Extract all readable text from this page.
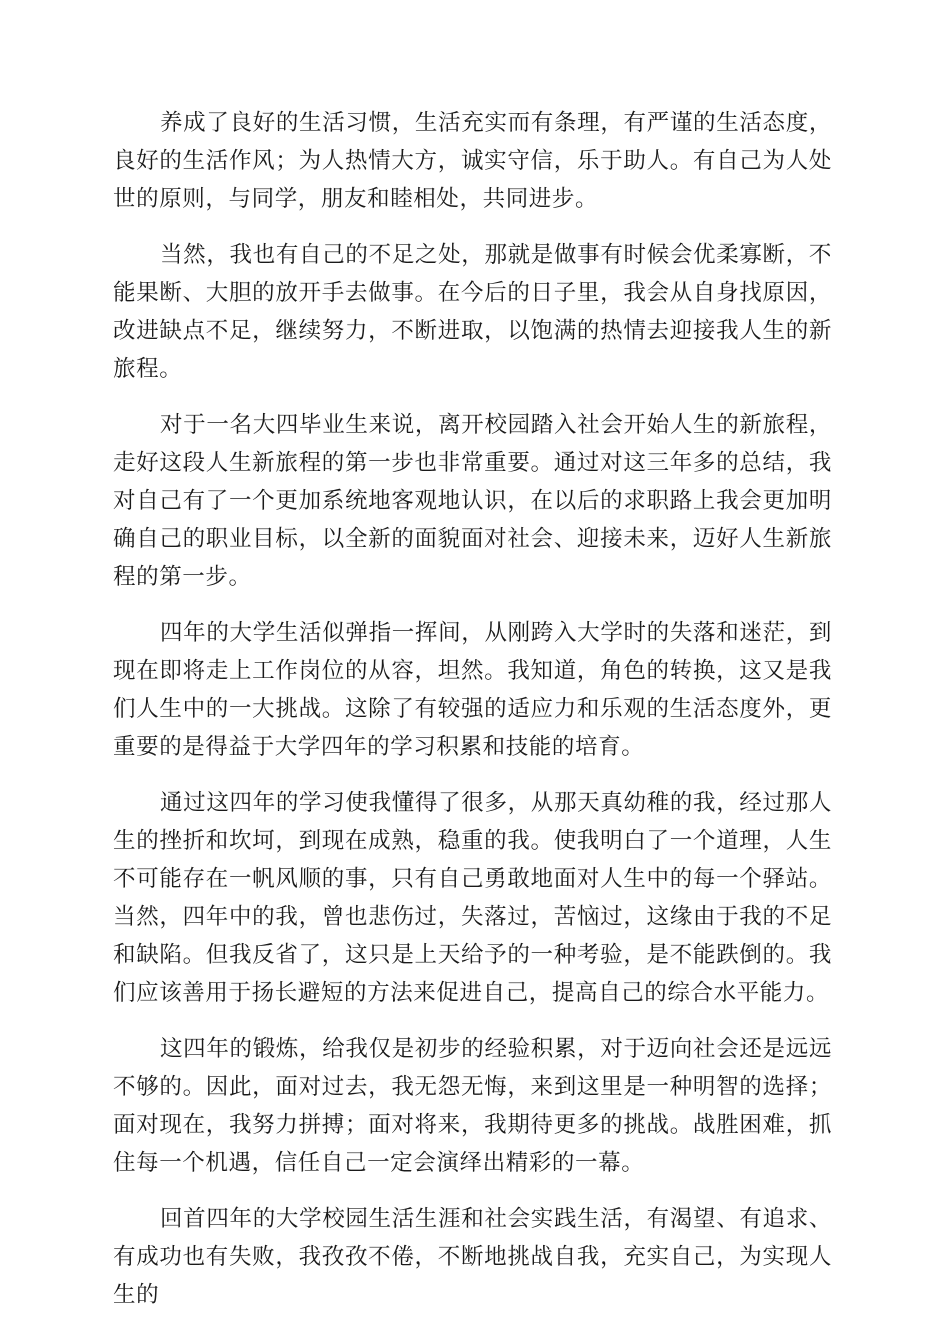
养成了良好的生活习惯，生活充实而有条理，有严谨的生活态度，良好的生活作风；为人热情大方，诚实守信，乐于助人。有自己为人处世的原则，与同学，朋友和睦相处，共同进步。

当然，我也有自己的不足之处，那就是做事有时候会优柔寡断，不能果断、大胆的放开手去做事。在今后的日子里，我会从自身找原因，改进缺点不足，继续努力，不断进取，以饱满的热情去迎接我人生的新旅程。

对于一名大四毕业生来说，离开校园踏入社会开始人生的新旅程，走好这段人生新旅程的第一步也非常重要。通过对这三年多的总结，我对自己有了一个更加系统地客观地认识，在以后的求职路上我会更加明确自己的职业目标，以全新的面貌面对社会、迎接未来，迈好人生新旅程的第一步。

四年的大学生活似弹指一挥间，从刚跨入大学时的失落和迷茫，到现在即将走上工作岗位的从容，坦然。我知道，角色的转换，这又是我们人生中的一大挑战。这除了有较强的适应力和乐观的生活态度外，更重要的是得益于大学四年的学习积累和技能的培育。

通过这四年的学习使我懂得了很多，从那天真幼稚的我，经过那人生的挫折和坎坷，到现在成熟，稳重的我。使我明白了一个道理，人生不可能存在一帆风顺的事，只有自己勇敢地面对人生中的每一个驿站。当然，四年中的我，曾也悲伤过，失落过，苦恼过，这缘由于我的不足和缺陷。但我反省了，这只是上天给予的一种考验，是不能跌倒的。我们应该善用于扬长避短的方法来促进自己，提高自己的综合水平能力。

这四年的锻炼，给我仅是初步的经验积累，对于迈向社会还是远远不够的。因此，面对过去，我无怨无悔，来到这里是一种明智的选择；面对现在，我努力拼搏；面对将来，我期待更多的挑战。战胜困难，抓住每一个机遇，信任自己一定会演绎出精彩的一幕。

回首四年的大学校园生活生涯和社会实践生活，有渴望、有追求、有成功也有失败，我孜孜不倦，不断地挑战自我，充实自己，为实现人生的
